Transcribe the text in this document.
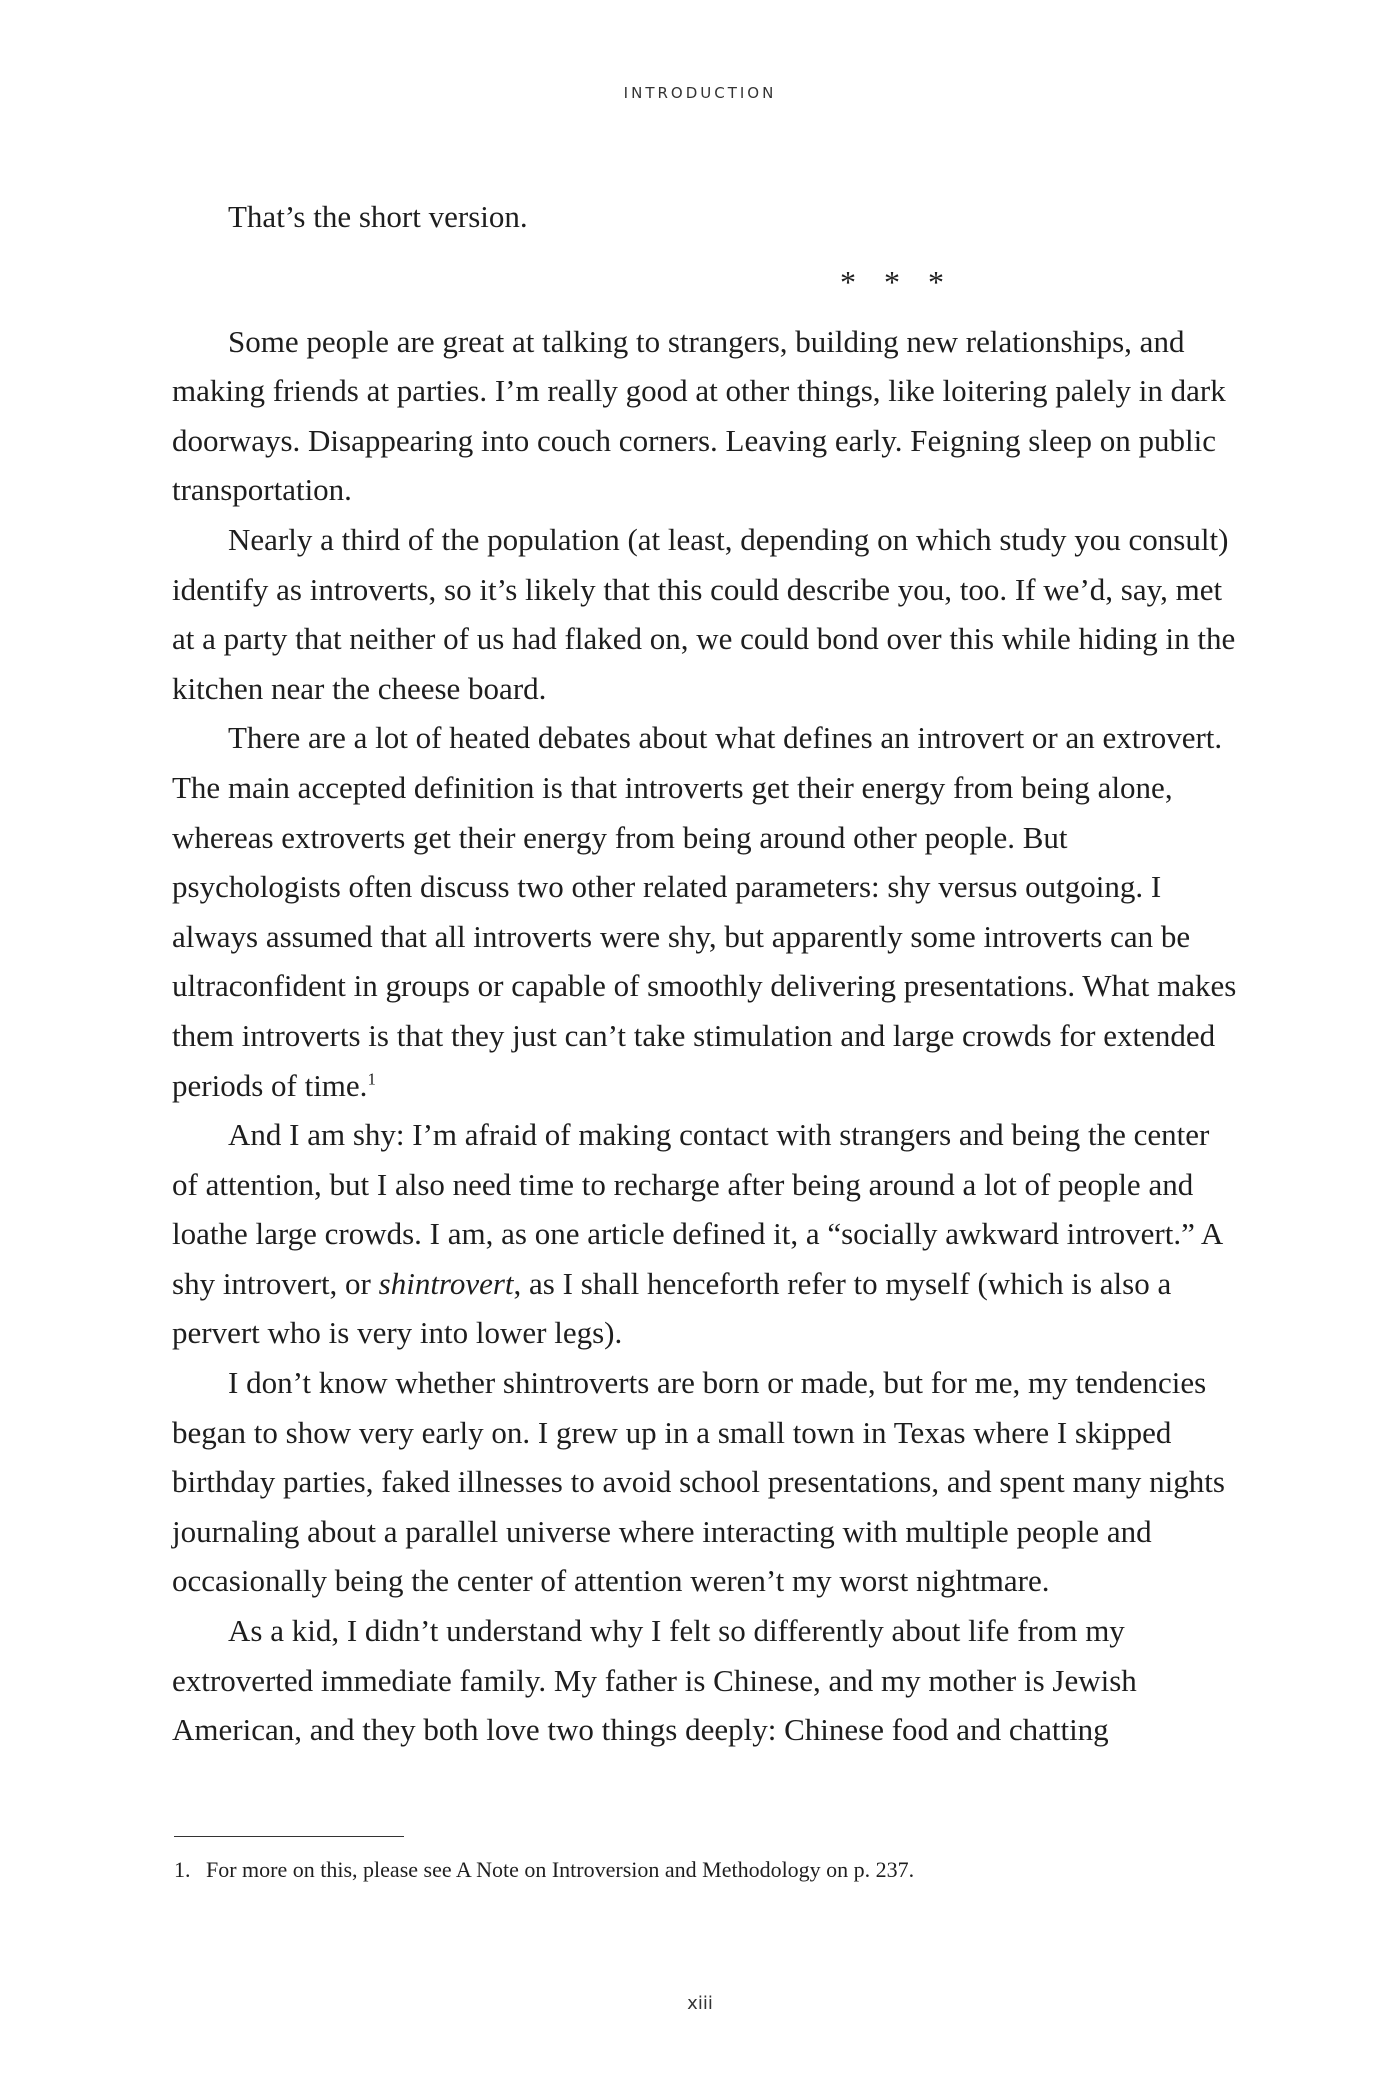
INTRODUCTION

That’s the short version.

* * *

Some people are great at talking to strangers, building new relationships, and making friends at parties. I’m really good at other things, like loitering palely in dark doorways. Disappearing into couch corners. Leaving early. Feigning sleep on public transportation.

Nearly a third of the population (at least, depending on which study you consult) identify as introverts, so it’s likely that this could describe you, too. If we’d, say, met at a party that neither of us had flaked on, we could bond over this while hiding in the kitchen near the cheese board.

There are a lot of heated debates about what defines an introvert or an extrovert. The main accepted definition is that introverts get their energy from being alone, whereas extroverts get their energy from being around other people. But psychologists often discuss two other related parameters: shy versus outgoing. I always assumed that all introverts were shy, but apparently some introverts can be ultraconfident in groups or capable of smoothly delivering presentations. What makes them introverts is that they just can’t take stimulation and large crowds for extended periods of time.$^1$

And I am shy: I’m afraid of making contact with strangers and being the center of attention, but I also need time to recharge after being around a lot of people and loathe large crowds. I am, as one article defined it, a “socially awkward introvert.” A shy introvert, or shintrovert, as I shall henceforth refer to myself (which is also a pervert who is very into lower legs).

I don’t know whether shintroverts are born or made, but for me, my tendencies began to show very early on. I grew up in a small town in Texas where I skipped birthday parties, faked illnesses to avoid school presentations, and spent many nights journaling about a parallel universe where interacting with multiple people and occasionally being the center of attention weren’t my worst nightmare.

As a kid, I didn’t understand why I felt so differently about life from my extroverted immediate family. My father is Chinese, and my mother is Jewish American, and they both love two things deeply: Chinese food and chatting

1. For more on this, please see A Note on Introversion and Methodology on p. 237.
xiii
